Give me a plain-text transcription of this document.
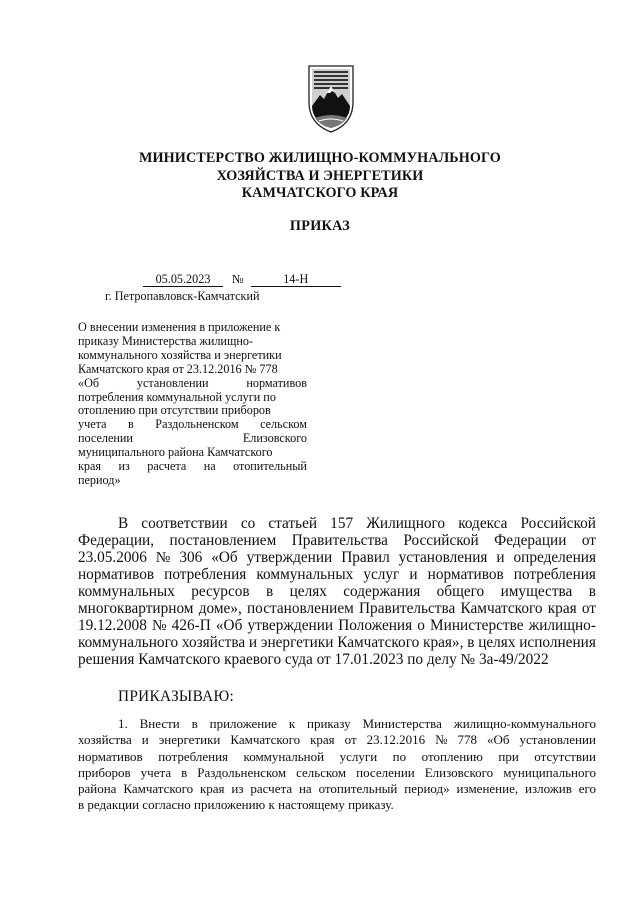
МИНИСТЕРСТВО ЖИЛИЩНО-КОММУНАЛЬНОГО
ХОЗЯЙСТВА И ЭНЕРГЕТИКИ
КАМЧАТСКОГО КРАЯ
ПРИКАЗ
05.05.2023 №	14-Н
г. Петропавловск-Камчатский
О внесении изменения в приложение к
приказу Министерства жилищно-
коммунального хозяйства и энергетики
Камчатского края от 23.12.2016 № 778
«Об	установлении	нормативов
потребления коммунальной услуги по
отоплению при отсутствии приборов
учета в Раздольненском сельском
поселении	Елизовского
муниципального района Камчатского
края из расчета на отопительный
период»
В соответствии со статьей 157 Жилищного кодекса Российской
Федерации, постановлением Правительства Российской Федерации от
23.05.2006 № 306 «Об утверждении Правил установления и определения
нормативов потребления коммунальных услуг и нормативов потребления
коммунальных ресурсов в целях содержания общего имущества в
многоквартирном доме», постановлением Правительства Камчатского края от
19.12.2008 № 426-П «Об утверждении Положения о Министерстве жилищно-
коммунального хозяйства и энергетики Камчатского края», в целях исполнения
решения Камчатского краевого суда от 17.01.2023 по делу № 3а-49/2022
ПРИКАЗЫВАЮ:
1. Внести в приложение к приказу Министерства жилищно-коммунального
хозяйства и энергетики Камчатского края от 23.12.2016 № 778 «Об установлении
нормативов потребления коммунальной услуги по отоплению при отсутствии
приборов учета в Раздольненском сельском поселении Елизовского муниципального
района Камчатского края из расчета на отопительный период» изменение, изложив его
в редакции согласно приложению к настоящему приказу.
